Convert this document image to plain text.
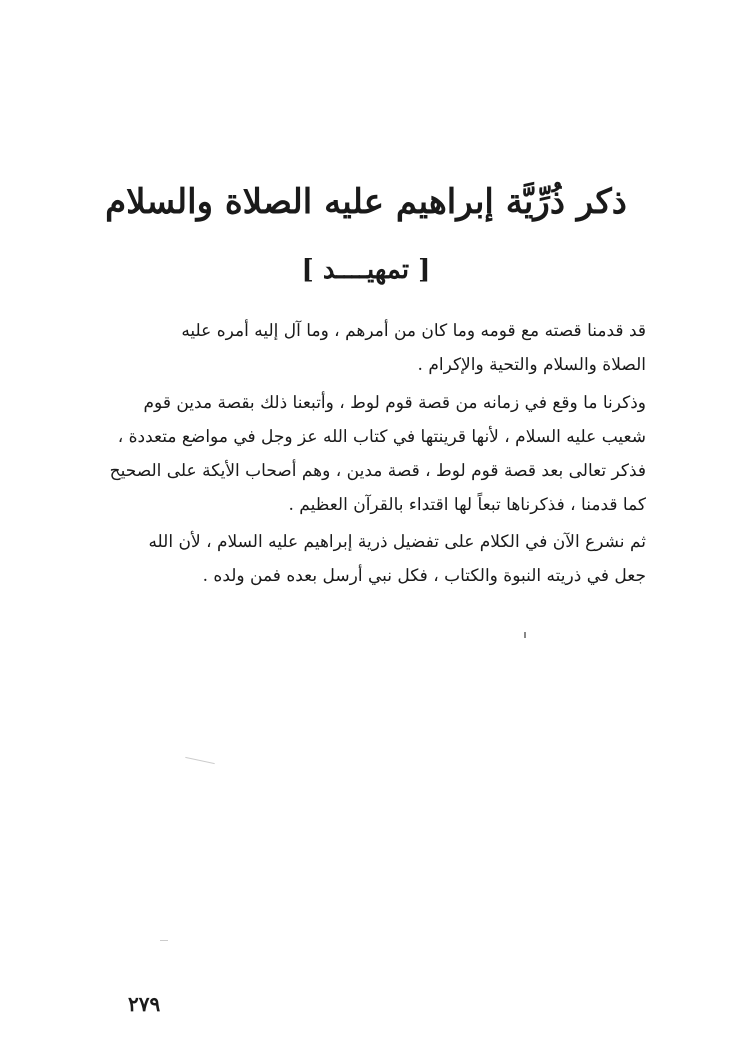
ذكر ذُرِّيَّة إبراهيم عليه الصلاة والسلام
[ تمهيــــد ]
قد قدمنا قصته مع قومه وما كان من أمرهم ، وما آل إليه أمره عليه
الصلاة والسلام والتحية والإكرام .
وذكرنا ما وقع في زمانه من قصة قوم لوط ، وأتبعنا ذلك بقصة مدين قوم
شعيب عليه السلام ، لأنها قرينتها في كتاب الله عز وجل في مواضع متعددة ،
فذكر تعالى بعد قصة قوم لوط ، قصة مدين ، وهم أصحاب الأيكة على الصحيح
كما قدمنا ، فذكرناها تبعاً لها اقتداء بالقرآن العظيم .
ثم نشرع الآن في الكلام على تفضيل ذرية إبراهيم عليه السلام ، لأن الله
جعل في ذريته النبوة والكتاب ، فكل نبي أرسل بعده فمن ولده .
٢٧٩
